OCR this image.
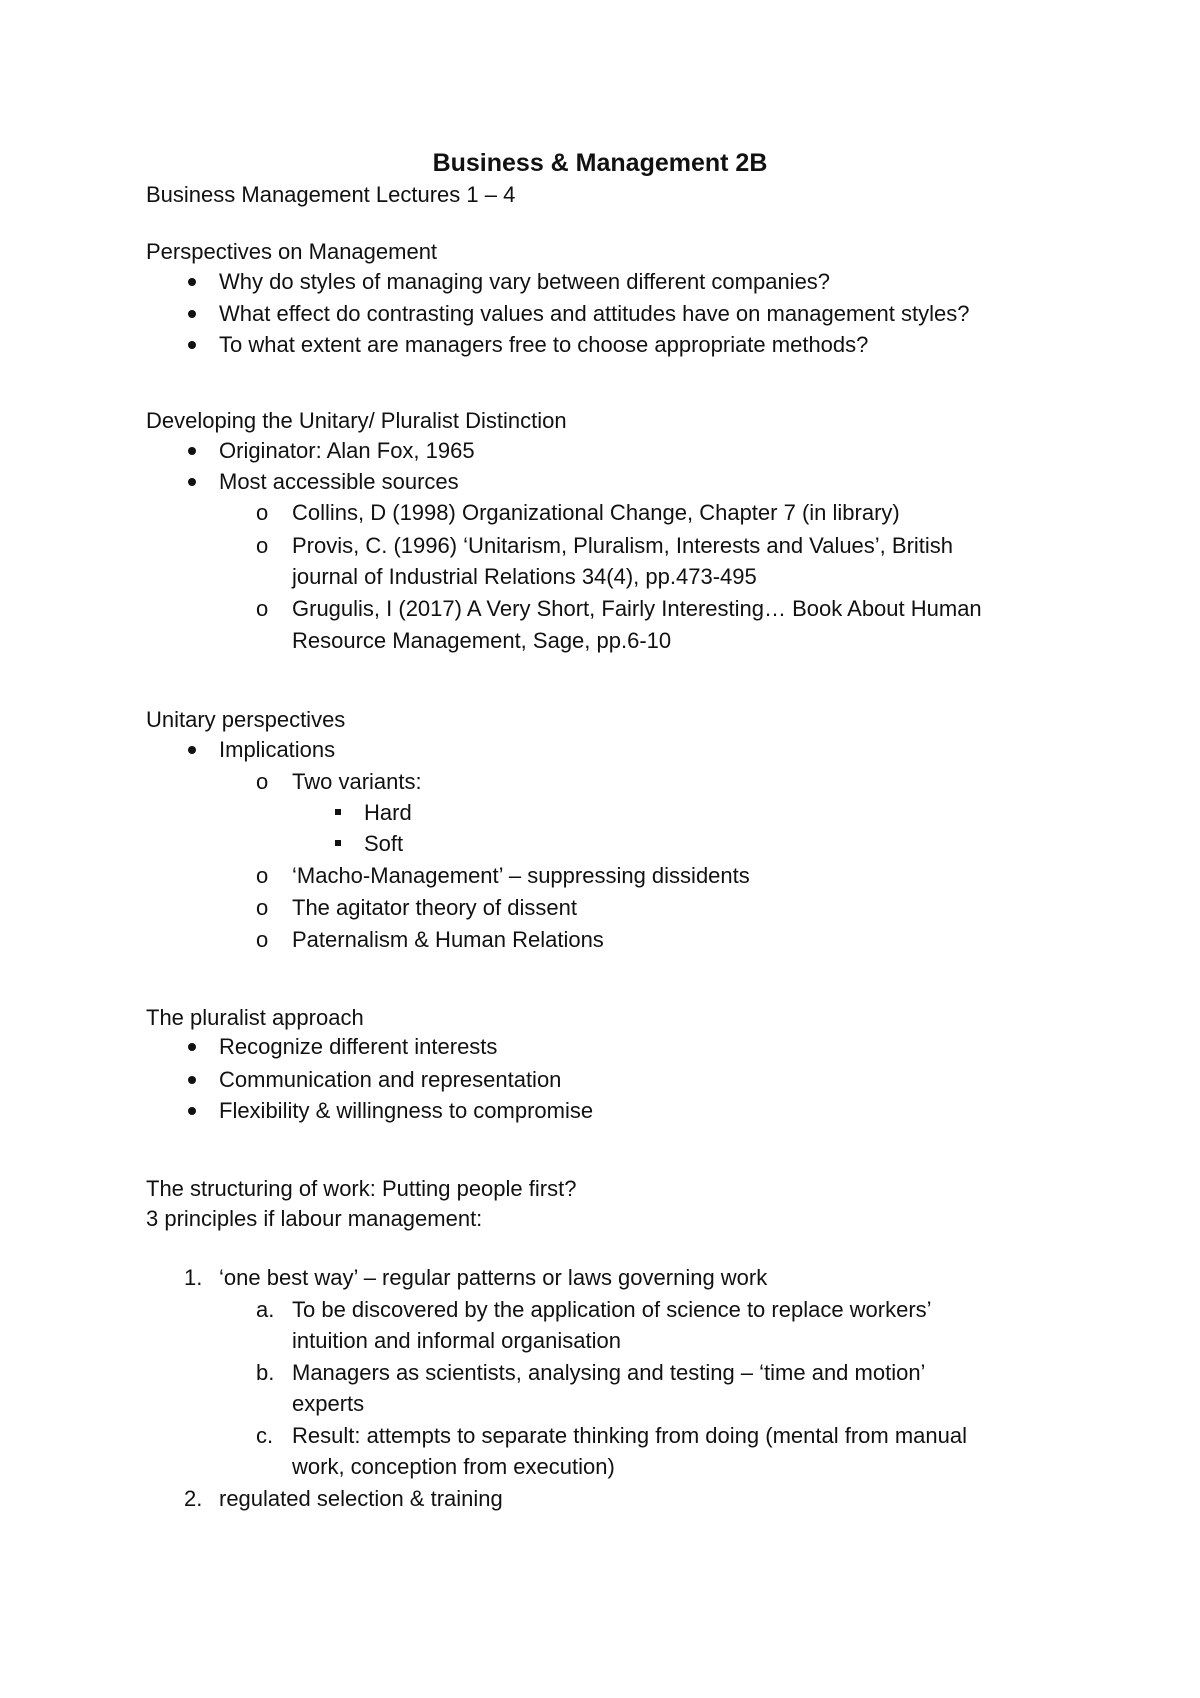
Business & Management 2B
Business Management Lectures 1 – 4
Perspectives on Management
Why do styles of managing vary between different companies?
What effect do contrasting values and attitudes have on management styles?
To what extent are managers free to choose appropriate methods?
Developing the Unitary/ Pluralist Distinction
Originator: Alan Fox, 1965
Most accessible sources
o	Collins, D (1998) Organizational Change, Chapter 7 (in library)
o	Provis, C. (1996) ‘Unitarism, Pluralism, Interests and Values’, British
journal of Industrial Relations 34(4), pp.473-495
o	Grugulis, I (2017) A Very Short, Fairly Interesting… Book About Human
Resource Management, Sage, pp.6-10
Unitary perspectives
Implications
o	Two variants:
Hard
Soft
o	‘Macho-Management’ – suppressing dissidents
o	The agitator theory of dissent
o	Paternalism & Human Relations
The pluralist approach
Recognize different interests
Communication and representation
Flexibility & willingness to compromise
The structuring of work: Putting people first?
3 principles if labour management:
1. ‘one best way’ – regular patterns or laws governing work
a. To be discovered by the application of science to replace workers’
intuition and informal organisation
b. Managers as scientists, analysing and testing – ‘time and motion’
experts
c. Result: attempts to separate thinking from doing (mental from manual
work, conception from execution)
2. regulated selection & training
